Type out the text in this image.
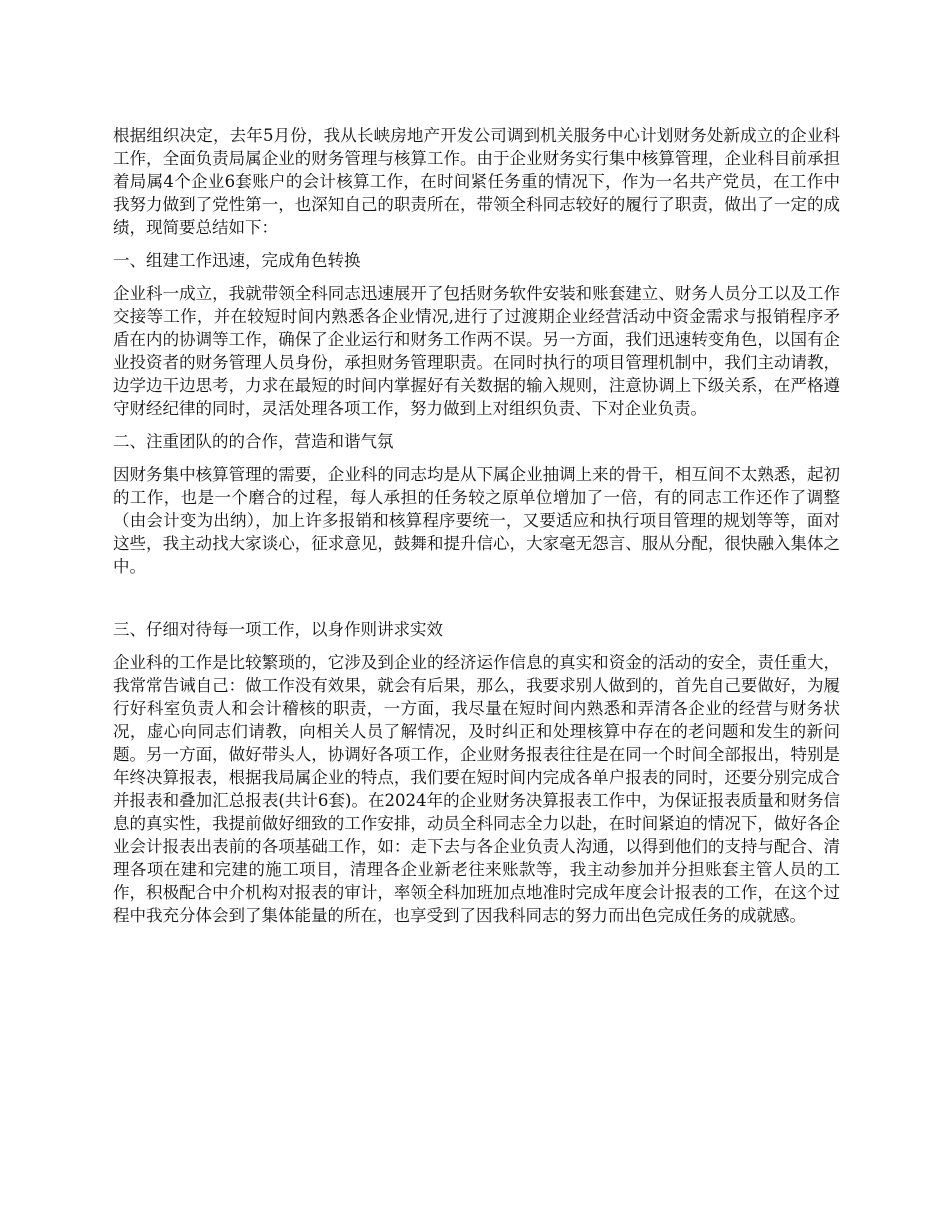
根据组织决定，去年5月份，我从长峡房地产开发公司调到机关服务中心计划财务处新成立的企业科工作，全面负责局属企业的财务管理与核算工作。由于企业财务实行集中核算管理，企业科目前承担着局属4个企业6套账户的会计核算工作，在时间紧任务重的情况下，作为一名共产党员，在工作中我努力做到了党性第一，也深知自己的职责所在，带领全科同志较好的履行了职责，做出了一定的成绩，现简要总结如下：

一、组建工作迅速，完成角色转换

企业科一成立，我就带领全科同志迅速展开了包括财务软件安装和账套建立、财务人员分工以及工作交接等工作，并在较短时间内熟悉各企业情况,进行了过渡期企业经营活动中资金需求与报销程序矛盾在内的协调等工作，确保了企业运行和财务工作两不误。另一方面，我们迅速转变角色，以国有企业投资者的财务管理人员身份，承担财务管理职责。在同时执行的项目管理机制中，我们主动请教，边学边干边思考，力求在最短的时间内掌握好有关数据的输入规则，注意协调上下级关系，在严格遵守财经纪律的同时，灵活处理各项工作，努力做到上对组织负责、下对企业负责。

二、注重团队的的合作，营造和谐气氛

因财务集中核算管理的需要，企业科的同志均是从下属企业抽调上来的骨干，相互间不太熟悉，起初的工作，也是一个磨合的过程，每人承担的任务较之原单位增加了一倍，有的同志工作还作了调整（由会计变为出纳），加上许多报销和核算程序要统一，又要适应和执行项目管理的规划等等，面对这些，我主动找大家谈心，征求意见，鼓舞和提升信心，大家毫无怨言、服从分配，很快融入集体之中。

三、仔细对待每一项工作，以身作则讲求实效

企业科的工作是比较繁琐的，它涉及到企业的经济运作信息的真实和资金的活动的安全，责任重大，我常常告诫自己：做工作没有效果，就会有后果，那么，我要求别人做到的，首先自己要做好，为履行好科室负责人和会计稽核的职责，一方面，我尽量在短时间内熟悉和弄清各企业的经营与财务状况，虚心向同志们请教，向相关人员了解情况，及时纠正和处理核算中存在的老问题和发生的新问题。另一方面，做好带头人，协调好各项工作，企业财务报表往往是在同一个时间全部报出，特别是年终决算报表，根据我局属企业的特点，我们要在短时间内完成各单户报表的同时，还要分别完成合并报表和叠加汇总报表(共计6套)。在2024年的企业财务决算报表工作中，为保证报表质量和财务信息的真实性，我提前做好细致的工作安排，动员全科同志全力以赴，在时间紧迫的情况下，做好各企业会计报表出表前的各项基础工作，如：走下去与各企业负责人沟通，以得到他们的支持与配合、清理各项在建和完建的施工项目，清理各企业新老往来账款等，我主动参加并分担账套主管人员的工作，积极配合中介机构对报表的审计，率领全科加班加点地准时完成年度会计报表的工作，在这个过程中我充分体会到了集体能量的所在，也享受到了因我科同志的努力而出色完成任务的成就感。
